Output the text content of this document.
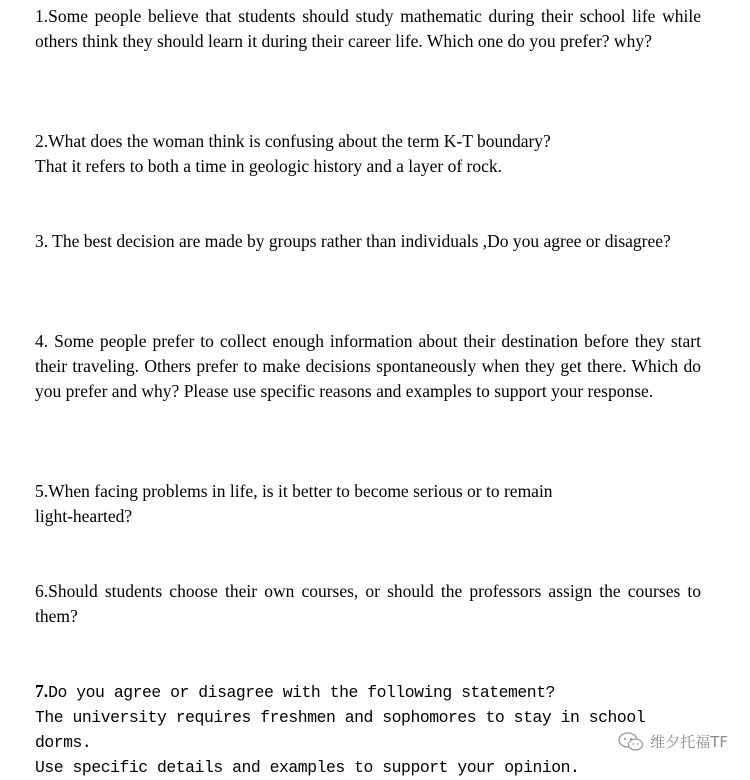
1.Some people believe that students should study mathematic during their school life while others think they should learn it during their career life. Which one do you prefer? why?

2.What does the woman think is confusing about the term K-T boundary?

That it refers to both a time in geologic history and a layer of rock.

3. The best decision are made by groups rather than individuals ,Do you agree or disagree?

4. Some people prefer to collect enough information about their destination before they start their traveling. Others prefer to make decisions spontaneously when they get there. Which do you prefer and why? Please use specific reasons and examples to support your response.

5.When facing problems in life, is it better to become serious or to remain

light-hearted?

6.Should students choose their own courses, or should the professors assign the courses to them?

7.Do you agree or disagree with the following statement?

The university requires freshmen and sophomores to stay in school dorms.

Use specific details and examples to support your opinion.

维夕托福TF
